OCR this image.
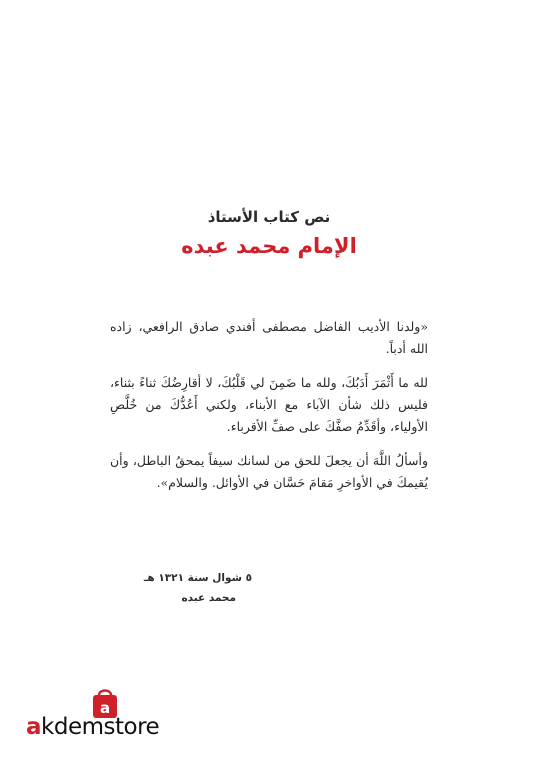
نص كتاب الأستاذ
الإمام محمد عبده

«ولدنا الأديب الفاضل مصطفى أفندي صادق الرافعي، زاده الله أدباً.

لله ما أَثْمَرَ أَدَبُكَ، ولله ما ضَمِنَ لي قَلْبُكَ، لا أقارِضُكَ ثناءً بثناء، فليس ذلك شأن الآباء مع الأبناء، ولكني أَعُدُّكَ من خُلَّصِ الأولياء، وأقَدِّمُ صفَّكَ على صفِّ الأقرباء.

وأسألُ اللَّهَ أن يجعلَ للحق من لسانك سيفاً يمحقُ الباطل، وأن يُقيمكَ في الأواخرِ مَقامَ حَسَّان في الأوائل. والسلام».

٥ شوال سنة ١٣٢١ هـ
محمد عبده
a
akdemstore
